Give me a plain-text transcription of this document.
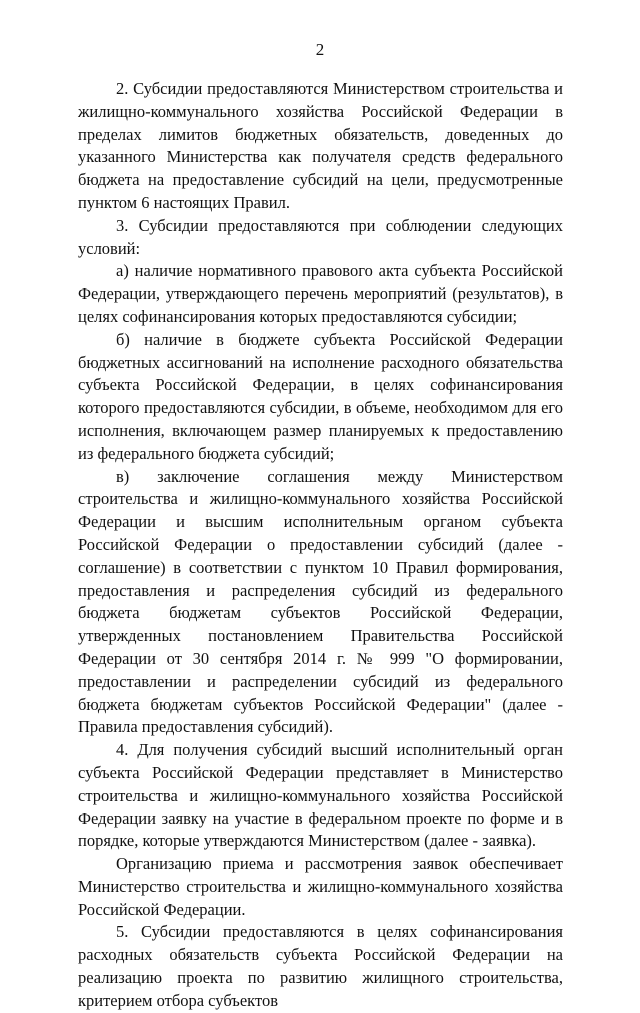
2

2. Субсидии предоставляются Министерством строительства и жилищно-коммунального хозяйства Российской Федерации в пределах лимитов бюджетных обязательств, доведенных до указанного Министерства как получателя средств федерального бюджета на предоставление субсидий на цели, предусмотренные пунктом 6 настоящих Правил.

3. Субсидии предоставляются при соблюдении следующих условий:

а) наличие нормативного правового акта субъекта Российской Федерации, утверждающего перечень мероприятий (результатов), в целях софинансирования которых предоставляются субсидии;

б) наличие в бюджете субъекта Российской Федерации бюджетных ассигнований на исполнение расходного обязательства субъекта Российской Федерации, в целях софинансирования которого предоставляются субсидии, в объеме, необходимом для его исполнения, включающем размер планируемых к предоставлению из федерального бюджета субсидий;

в) заключение соглашения между Министерством строительства и жилищно-коммунального хозяйства Российской Федерации и высшим исполнительным органом субъекта Российской Федерации о предоставлении субсидий (далее - соглашение) в соответствии с пунктом 10 Правил формирования, предоставления и распределения субсидий из федерального бюджета бюджетам субъектов Российской Федерации, утвержденных постановлением Правительства Российской Федерации от 30 сентября 2014 г. № 999 "О формировании, предоставлении и распределении субсидий из федерального бюджета бюджетам субъектов Российской Федерации" (далее - Правила предоставления субсидий).

4. Для получения субсидий высший исполнительный орган субъекта Российской Федерации представляет в Министерство строительства и жилищно-коммунального хозяйства Российской Федерации заявку на участие в федеральном проекте по форме и в порядке, которые утверждаются Министерством (далее - заявка).

Организацию приема и рассмотрения заявок обеспечивает Министерство строительства и жилищно-коммунального хозяйства Российской Федерации.

5. Субсидии предоставляются в целях софинансирования расходных обязательств субъекта Российской Федерации на реализацию проекта по развитию жилищного строительства, критерием отбора субъектов
